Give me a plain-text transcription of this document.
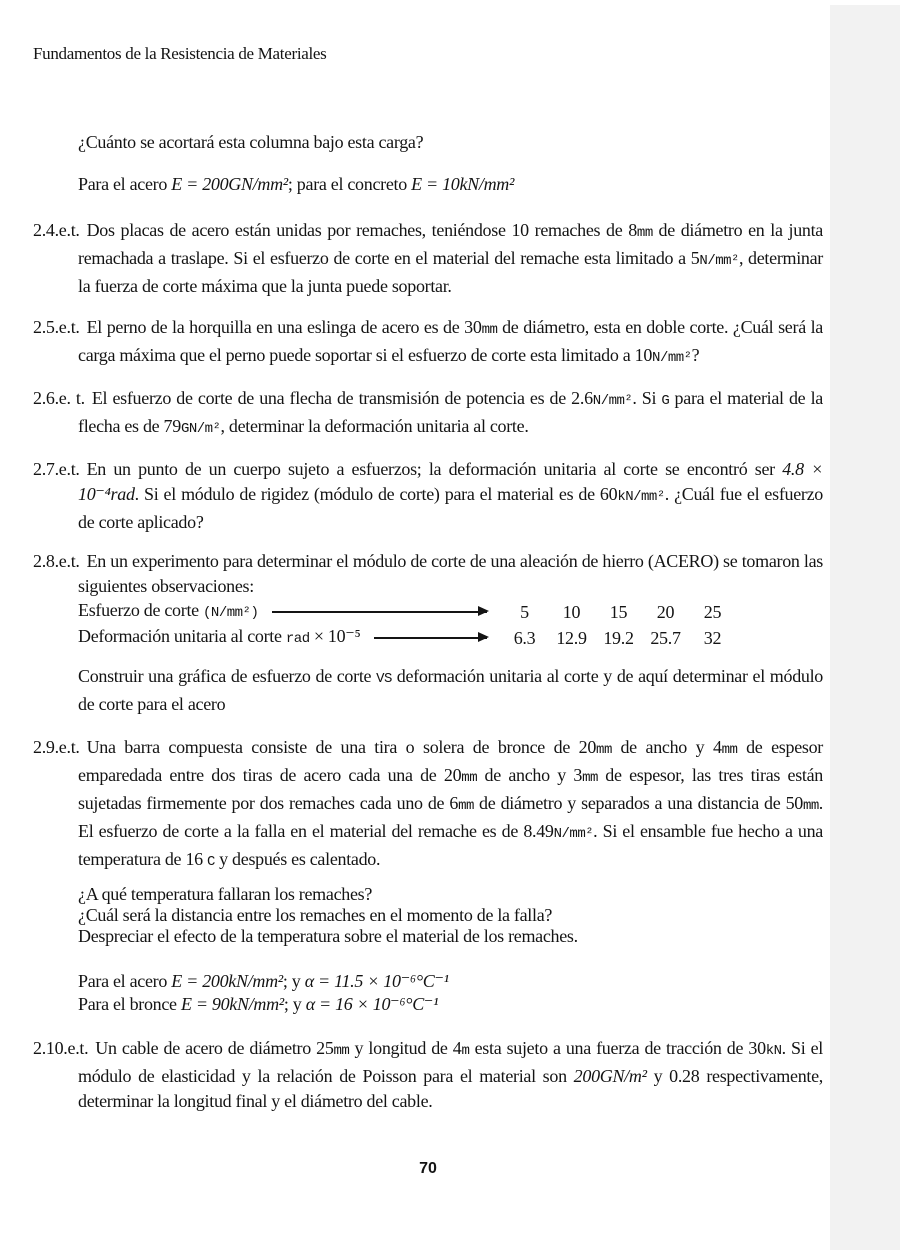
Fundamentos de la Resistencia de Materiales
¿Cuánto se acortará esta columna bajo esta carga?
Para el acero E = 200GN/mm²; para el concreto E = 10kN/mm²
2.4.e.t. Dos placas de acero están unidas por remaches, teniéndose 10 remaches de 8mm de diámetro en la junta remachada a traslape. Si el esfuerzo de corte en el material del remache esta limitado a 5N/mm², determinar la fuerza de corte máxima que la junta puede soportar.
2.5.e.t. El perno de la horquilla en una eslinga de acero es de 30mm de diámetro, esta en doble corte. ¿Cuál será la carga máxima que el perno puede soportar si el esfuerzo de corte esta limitado a 10N/mm²?
2.6.e. t. El esfuerzo de corte de una flecha de transmisión de potencia es de 2.6N/mm². Si G para el material de la flecha es de 79GN/m², determinar la deformación unitaria al corte.
2.7.e.t. En un punto de un cuerpo sujeto a esfuerzos; la deformación unitaria al corte se encontró ser 4.8 × 10⁻⁴rad. Si el módulo de rigidez (módulo de corte) para el material es de 60kN/mm². ¿Cuál fue el esfuerzo de corte aplicado?
2.8.e.t. En un experimento para determinar el módulo de corte de una aleación de hierro (ACERO) se tomaron las siguientes observaciones:
Esfuerzo de corte (N/mm²)	5	10	15	20	25
Deformación unitaria al corte rad × 10⁻⁵	6.3	12.9 19.2 25.7	32
Construir una gráfica de esfuerzo de corte VS deformación unitaria al corte y de aquí determinar el módulo de corte para el acero
2.9.e.t. Una barra compuesta consiste de una tira o solera de bronce de 20mm de ancho y 4mm de espesor emparedada entre dos tiras de acero cada una de 20mm de ancho y 3mm de espesor, las tres tiras están sujetadas firmemente por dos remaches cada uno de 6mm de diámetro y separados a una distancia de 50mm. El esfuerzo de corte a la falla en el material del remache es de 8.49N/mm². Si el ensamble fue hecho a una temperatura de 16 C y después es calentado.
¿A qué temperatura fallaran los remaches?
¿Cuál será la distancia entre los remaches en el momento de la falla?
Despreciar el efecto de la temperatura sobre el material de los remaches.
Para el acero E = 200kN/mm²; y α = 11.5 × 10⁻⁶°C⁻¹
Para el bronce E = 90kN/mm²; y α = 16 × 10⁻⁶°C⁻¹
2.10.e.t. Un cable de acero de diámetro 25mm y longitud de 4m esta sujeto a una fuerza de tracción de 30kN. Si el módulo de elasticidad y la relación de Poisson para el material son 200GN/m² y 0.28 respectivamente, determinar la longitud final y el diámetro del cable.
70
